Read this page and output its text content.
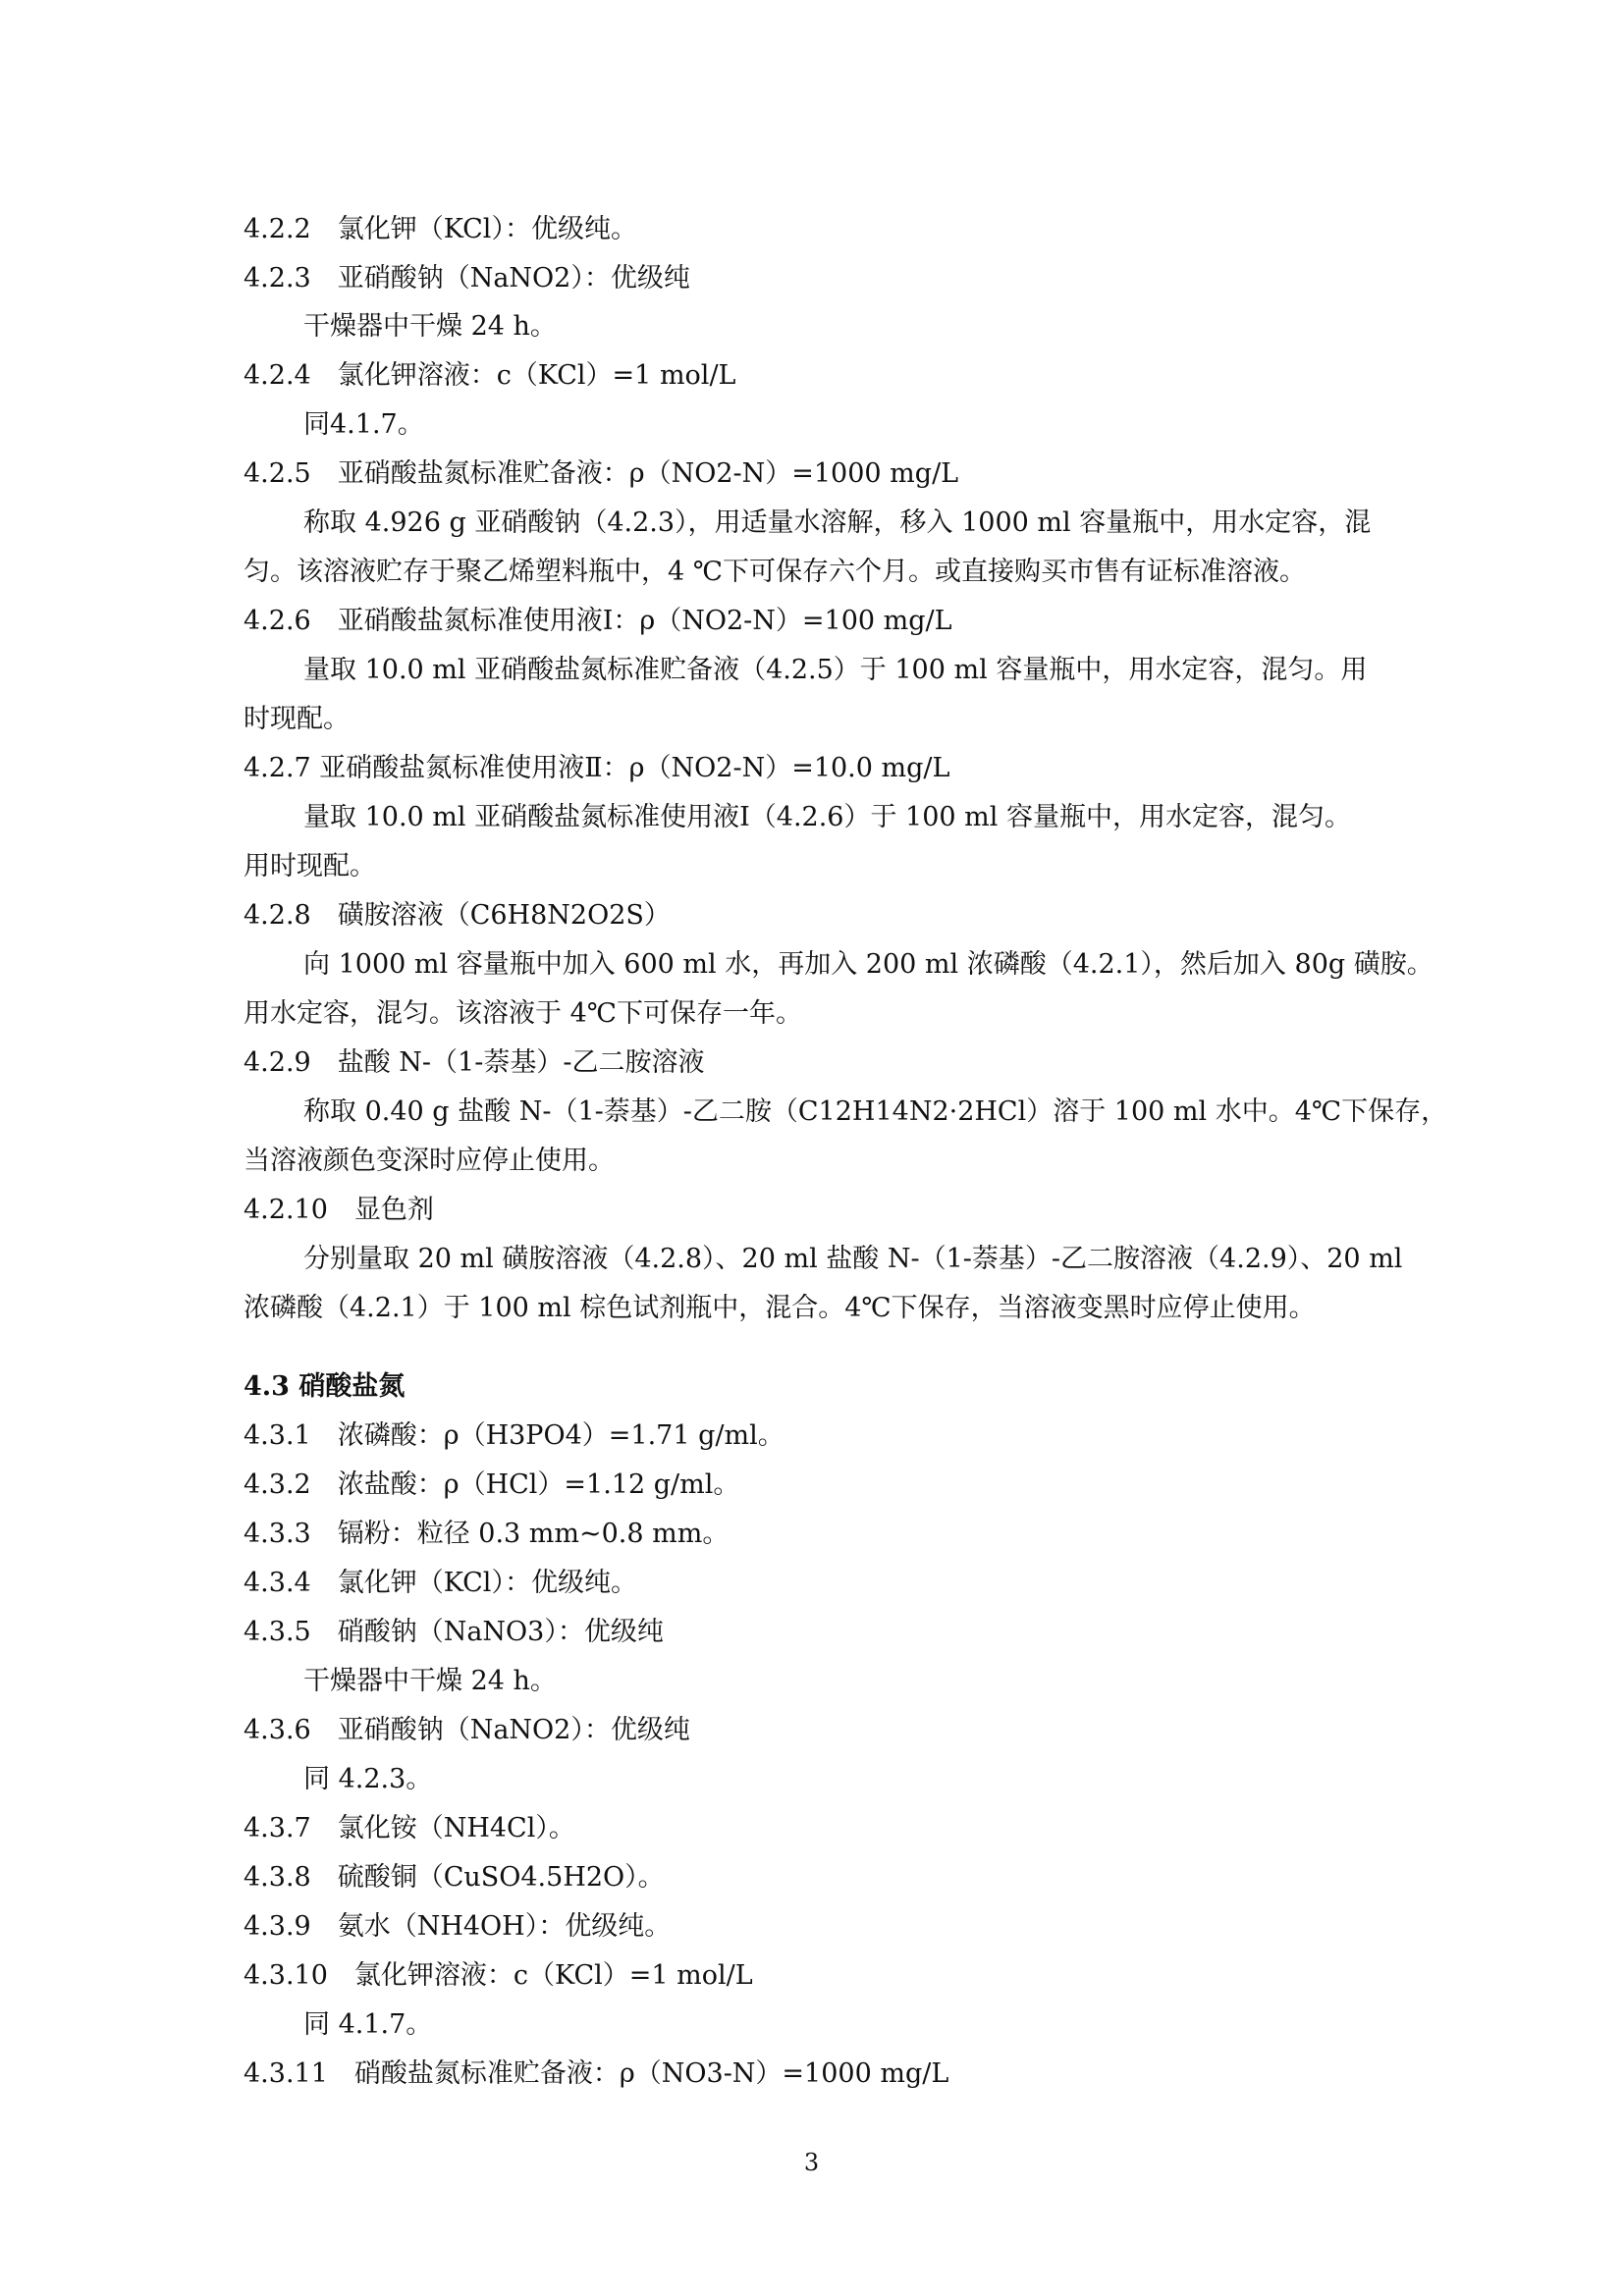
4.2.2　氯化钾（KCl）：优级纯。
4.2.3　亚硝酸钠（NaNO2）：优级纯
干燥器中干燥 24 h。
4.2.4　氯化钾溶液：c（KCl）=1 mol/L
同4.1.7。
4.2.5　亚硝酸盐氮标准贮备液：ρ（NO2-N）=1000 mg/L
称取 4.926 g 亚硝酸钠（4.2.3），用适量水溶解，移入 1000 ml 容量瓶中，用水定容，混
匀。该溶液贮存于聚乙烯塑料瓶中，4 ℃下可保存六个月。或直接购买市售有证标准溶液。
4.2.6　亚硝酸盐氮标准使用液Ⅰ：ρ（NO2-N）=100 mg/L
量取 10.0 ml 亚硝酸盐氮标准贮备液（4.2.5）于 100 ml 容量瓶中，用水定容，混匀。用
时现配。
4.2.7 亚硝酸盐氮标准使用液Ⅱ：ρ（NO2-N）=10.0 mg/L
量取 10.0 ml 亚硝酸盐氮标准使用液Ⅰ（4.2.6）于 100 ml 容量瓶中，用水定容，混匀。
用时现配。
4.2.8　磺胺溶液（C6H8N2O2S）
向 1000 ml 容量瓶中加入 600 ml 水，再加入 200 ml 浓磷酸（4.2.1），然后加入 80g 磺胺。
用水定容，混匀。该溶液于 4℃下可保存一年。
4.2.9　盐酸 N-（1-萘基）-乙二胺溶液
称取 0.40 g 盐酸 N-（1-萘基）-乙二胺（C12H14N2·2HCl）溶于 100 ml 水中。4℃下保存，
当溶液颜色变深时应停止使用。
4.2.10　显色剂
分别量取 20 ml 磺胺溶液（4.2.8）、20 ml 盐酸 N-（1-萘基）-乙二胺溶液（4.2.9）、20 ml
浓磷酸（4.2.1）于 100 ml 棕色试剂瓶中，混合。4℃下保存，当溶液变黑时应停止使用。
4.3 硝酸盐氮
4.3.1　浓磷酸：ρ（H3PO4）=1.71 g/ml。
4.3.2　浓盐酸：ρ（HCl）=1.12 g/ml。
4.3.3　镉粉：粒径 0.3 mm~0.8 mm。
4.3.4　氯化钾（KCl）：优级纯。
4.3.5　硝酸钠（NaNO3）：优级纯
干燥器中干燥 24 h。
4.3.6　亚硝酸钠（NaNO2）：优级纯
同 4.2.3。
4.3.7　氯化铵（NH4Cl）。
4.3.8　硫酸铜（CuSO4.5H2O）。
4.3.9　氨水（NH4OH）：优级纯。
4.3.10　氯化钾溶液：c（KCl）=1 mol/L
同 4.1.7。
4.3.11　硝酸盐氮标准贮备液：ρ（NO3-N）=1000 mg/L
3
